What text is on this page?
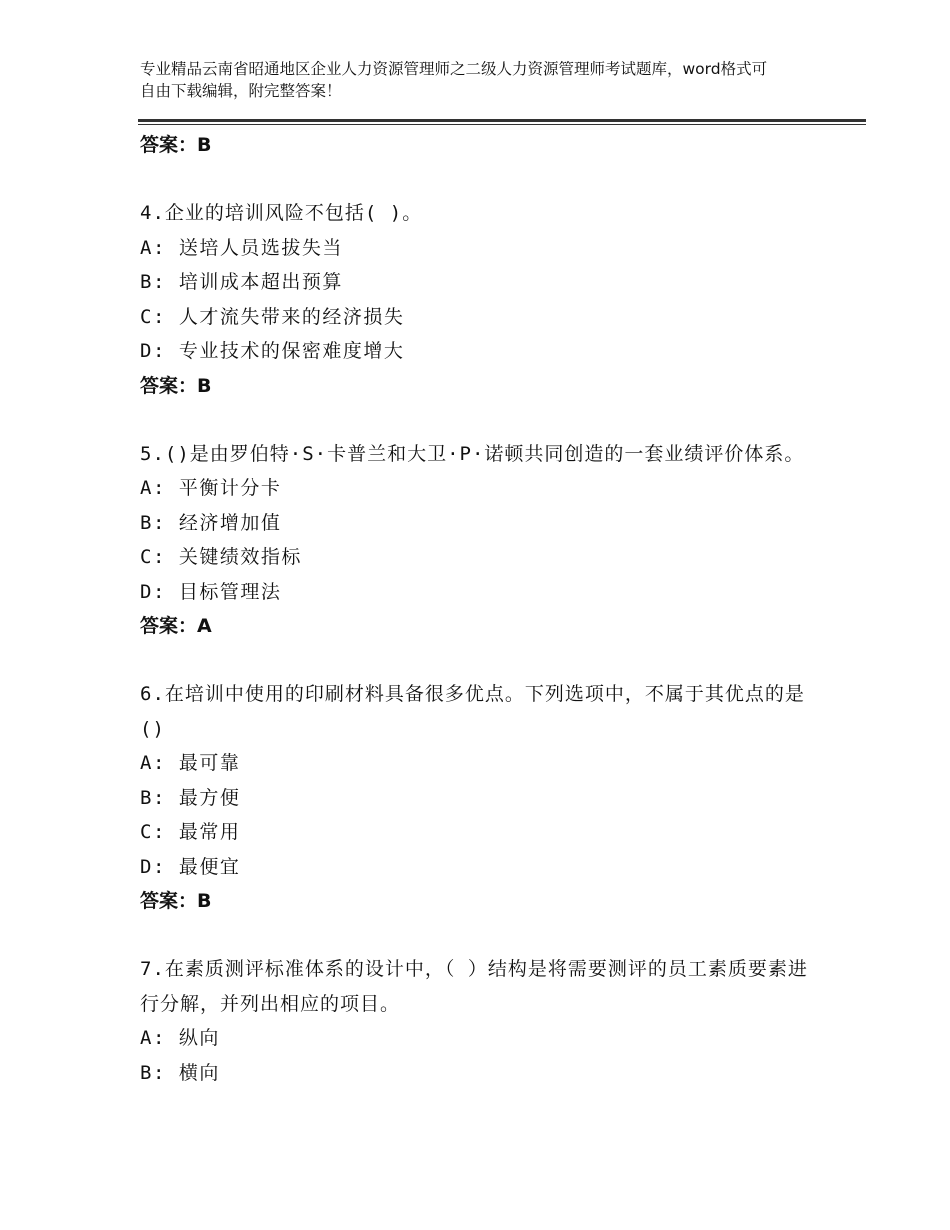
专业精品云南省昭通地区企业人力资源管理师之二级人力资源管理师考试题库，word格式可自由下载编辑，附完整答案！
答案：B
4.企业的培训风险不包括( )。
A: 送培人员选拔失当
B: 培训成本超出预算
C: 人才流失带来的经济损失
D: 专业技术的保密难度增大
答案：B
5.()是由罗伯特·S·卡普兰和大卫·P·诺顿共同创造的一套业绩评价体系。
A: 平衡计分卡
B: 经济增加值
C: 关键绩效指标
D: 目标管理法
答案：A
6.在培训中使用的印刷材料具备很多优点。下列选项中，不属于其优点的是()
A: 最可靠
B: 最方便
C: 最常用
D: 最便宜
答案：B
7.在素质测评标准体系的设计中，（ ）结构是将需要测评的员工素质要素进行分解，并列出相应的项目。
A: 纵向
B: 横向
